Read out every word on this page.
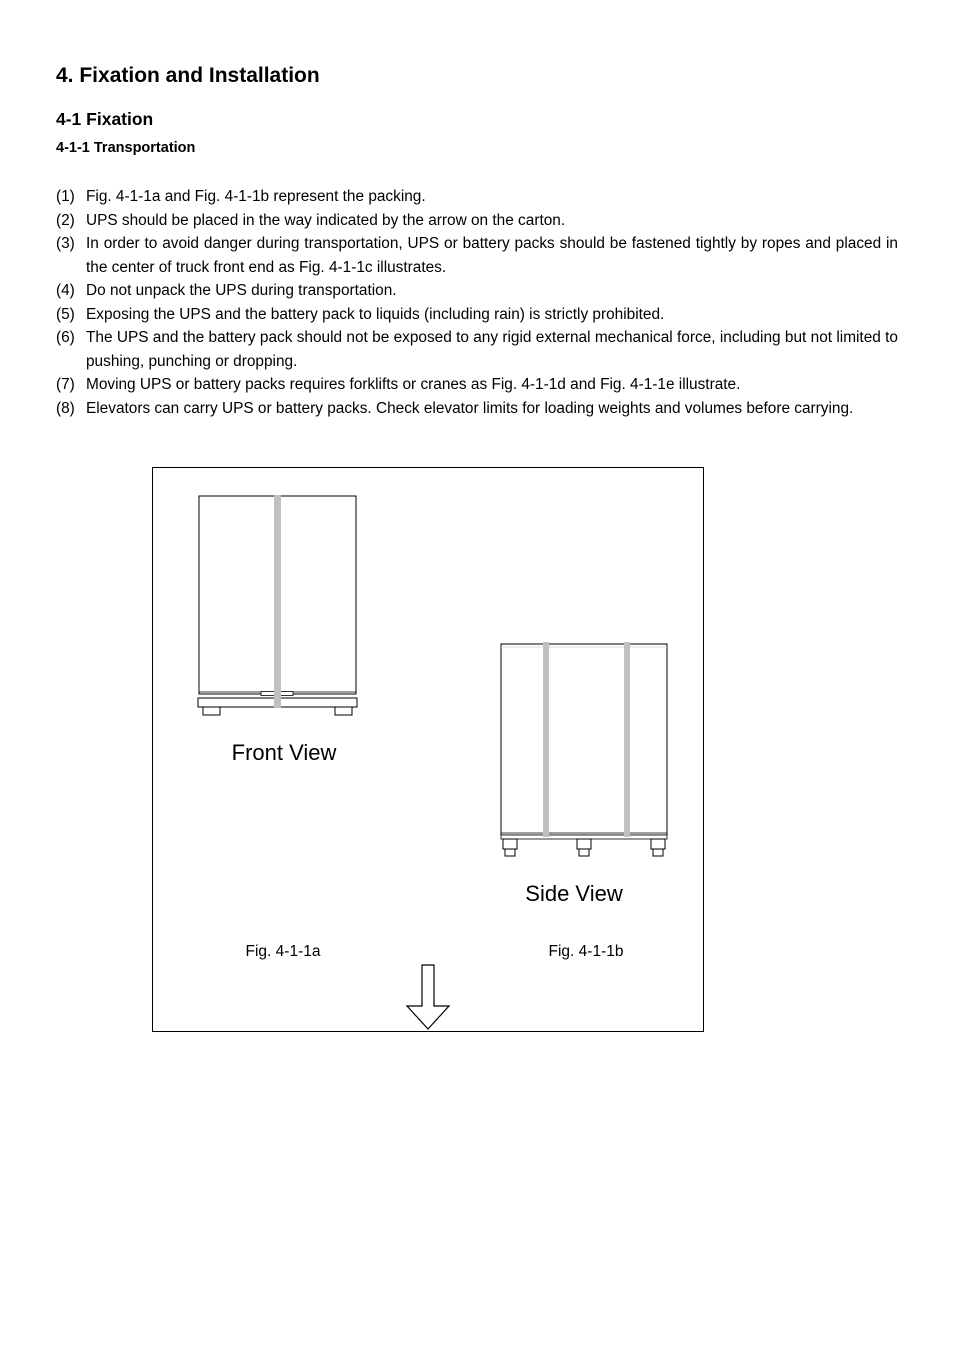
4. Fixation and Installation
4-1 Fixation
4-1-1 Transportation
(1) Fig. 4-1-1a and Fig. 4-1-1b represent the packing.
(2) UPS should be placed in the way indicated by the arrow on the carton.
(3) In order to avoid danger during transportation, UPS or battery packs should be fastened tightly by ropes and placed in the center of truck front end as Fig. 4-1-1c illustrates.
(4) Do not unpack the UPS during transportation.
(5) Exposing the UPS and the battery pack to liquids (including rain) is strictly prohibited.
(6) The UPS and the battery pack should not be exposed to any rigid external mechanical force, including but not limited to pushing, punching or dropping.
(7) Moving UPS or battery packs requires forklifts or cranes as Fig. 4-1-1d and Fig. 4-1-1e illustrate.
(8) Elevators can carry UPS or battery packs. Check elevator limits for loading weights and volumes before carrying.
Front View
Side View
Fig. 4-1-1a	Fig. 4-1-1b
